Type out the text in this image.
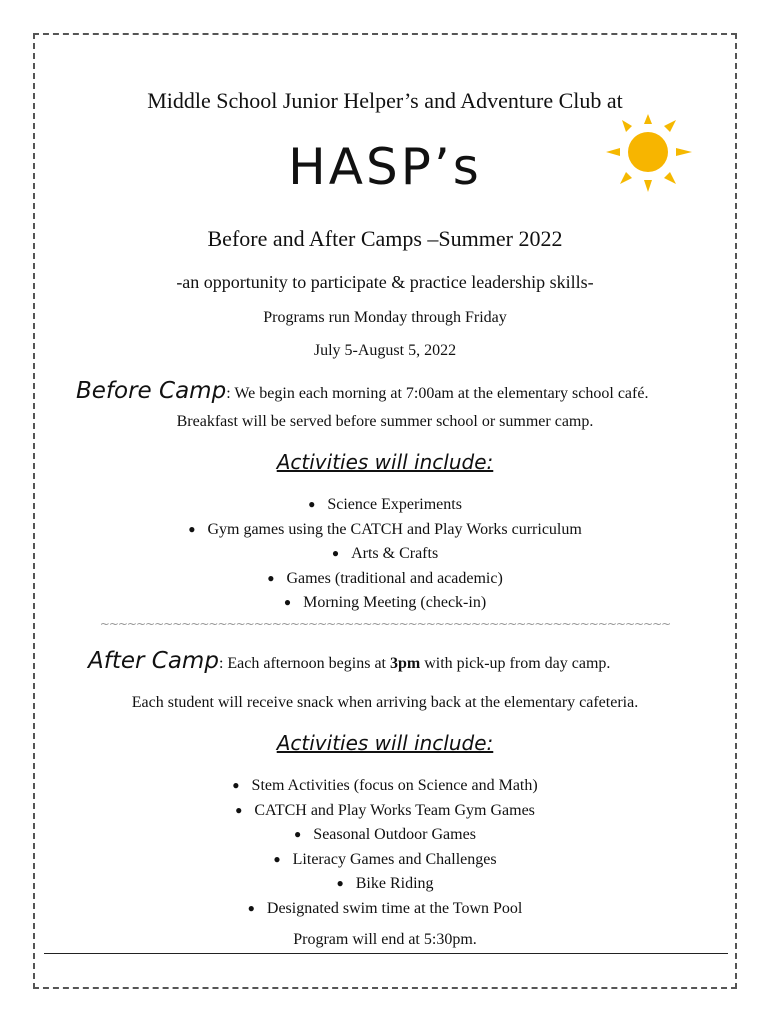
Middle School Junior Helper’s and Adventure Club at
HASP’s
Before and After Camps –Summer 2022
-an opportunity to participate & practice leadership skills-
Programs run Monday through Friday
July 5-August 5, 2022
Before Camp: We begin each morning at 7:00am at the elementary school café.
Breakfast will be served before summer school or summer camp.
Activities will include:
● Science Experiments
● Gym games using the CATCH and Play Works curriculum
● Arts & Crafts
● Games (traditional and academic)
● Morning Meeting (check-in)
~~~~~~~~~~~~~~~~~~~~~~~~~~~~~~~~~~~~~~~~~~~~~~~~~~~~~~~~~~~~~~~
After Camp: Each afternoon begins at 3pm with pick-up from day camp.
Each student will receive snack when arriving back at the elementary cafeteria.
Activities will include:
● Stem Activities (focus on Science and Math)
● CATCH and Play Works Team Gym Games
● Seasonal Outdoor Games
● Literacy Games and Challenges
● Bike Riding
● Designated swim time at the Town Pool
Program will end at 5:30pm.
